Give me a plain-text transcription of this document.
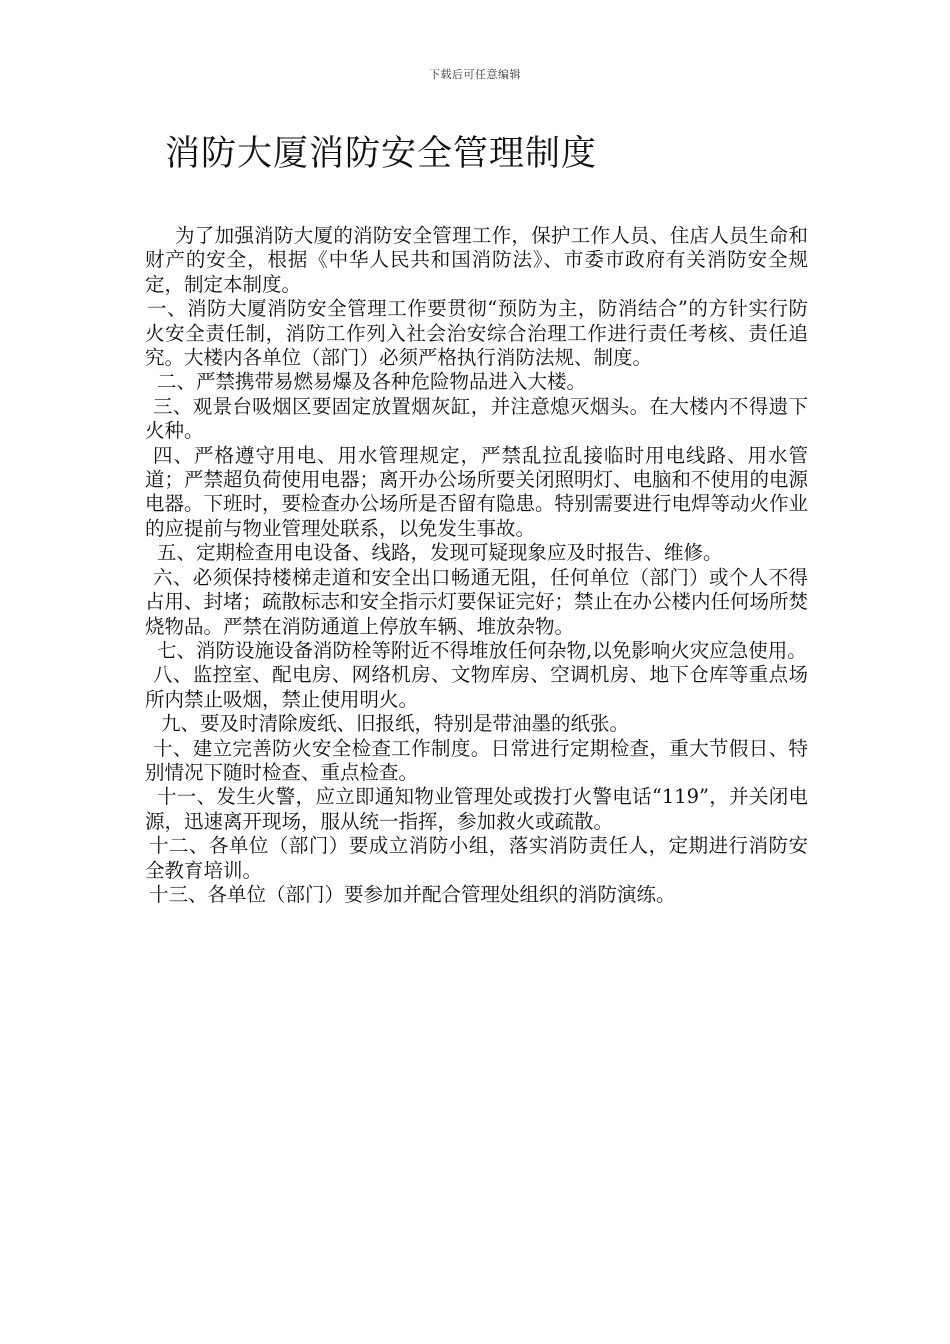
下载后可任意编辑
消防大厦消防安全管理制度

为了加强消防大厦的消防安全管理工作，保护工作人员、住店人员生命和财产的安全，根据《中华人民共和国消防法》、市委市政府有关消防安全规定，制定本制度。

一、消防大厦消防安全管理工作要贯彻“预防为主，防消结合”的方针实行防火安全责任制，消防工作列入社会治安综合治理工作进行责任考核、责任追究。大楼内各单位（部门）必须严格执行消防法规、制度。

二、严禁携带易燃易爆及各种危险物品进入大楼。

三、观景台吸烟区要固定放置烟灰缸，并注意熄灭烟头。在大楼内不得遗下火种。

四、严格遵守用电、用水管理规定，严禁乱拉乱接临时用电线路、用水管道；严禁超负荷使用电器；离开办公场所要关闭照明灯、电脑和不使用的电源电器。下班时，要检查办公场所是否留有隐患。特别需要进行电焊等动火作业的应提前与物业管理处联系，以免发生事故。

五、定期检查用电设备、线路，发现可疑现象应及时报告、维修。

六、必须保持楼梯走道和安全出口畅通无阻，任何单位（部门）或个人不得占用、封堵；疏散标志和安全指示灯要保证完好；禁止在办公楼内任何场所焚烧物品。严禁在消防通道上停放车辆、堆放杂物。

七、消防设施设备消防栓等附近不得堆放任何杂物,以免影响火灾应急使用。

八、监控室、配电房、网络机房、文物库房、空调机房、地下仓库等重点场所内禁止吸烟，禁止使用明火。

九、要及时清除废纸、旧报纸，特别是带油墨的纸张。

十、建立完善防火安全检查工作制度。日常进行定期检查，重大节假日、特别情况下随时检查、重点检查。

十一、发生火警，应立即通知物业管理处或拨打火警电话“119”，并关闭电源，迅速离开现场，服从统一指挥，参加救火或疏散。

十二、各单位（部门）要成立消防小组，落实消防责任人，定期进行消防安全教育培训。

十三、各单位（部门）要参加并配合管理处组织的消防演练。
